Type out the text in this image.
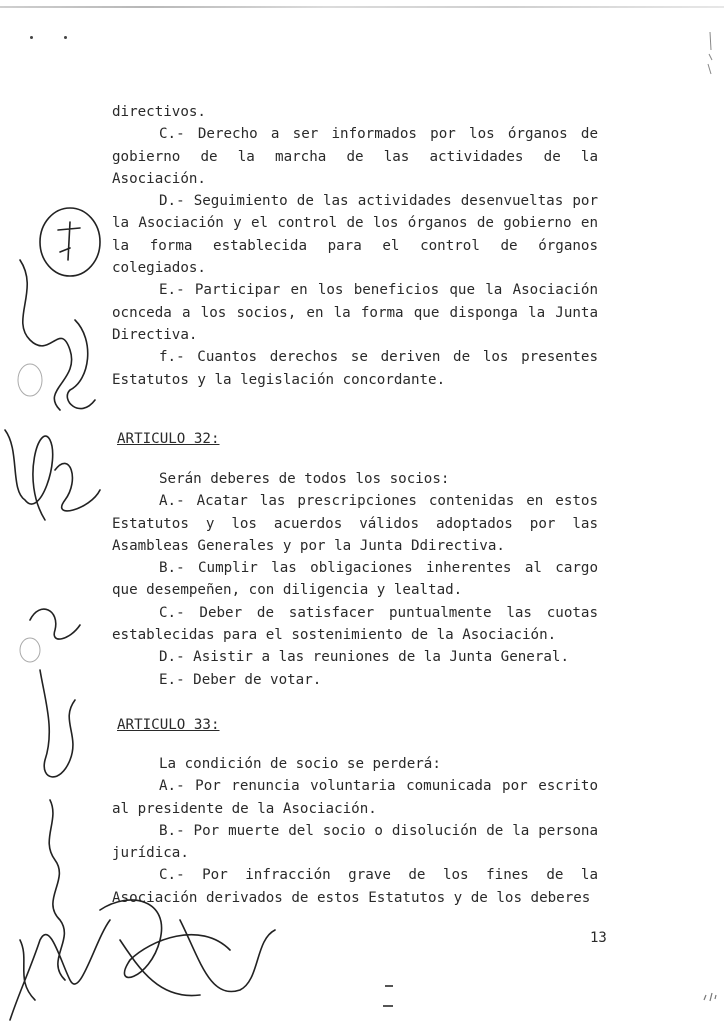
directivos.

C.- Derecho a ser informados por los órganos de gobierno de la marcha de las actividades de la Asociación.

D.- Seguimiento de las actividades desenvueltas por la Asociación y el control de los órganos de gobierno en la forma establecida para el control de órganos colegiados.

E.- Participar en los beneficios que la Asociación ocnceda a los socios, en la forma que disponga la Junta Directiva.

f.- Cuantos derechos se deriven de los presentes Estatutos y la legislación concordante.

ARTICULO 32:

Serán deberes de todos los socios:

A.- Acatar las prescripciones contenidas en estos Estatutos y los acuerdos válidos adoptados por las Asambleas Generales y por la Junta Ddirectiva.

B.- Cumplir las obligaciones inherentes al cargo que desempeñen, con diligencia y lealtad.

C.- Deber de satisfacer puntualmente las cuotas establecidas para el sostenimiento de la Asociación.

D.- Asistir a las reuniones de la Junta General.

E.- Deber de votar.

ARTICULO 33:

La condición de socio se perderá:

A.- Por renuncia voluntaria comunicada por escrito al presidente de la Asociación.

B.- Por muerte del socio o disolución de la persona jurídica.

C.- Por infracción grave de los fines de la Asociación derivados de estos Estatutos y de los deberes

13
